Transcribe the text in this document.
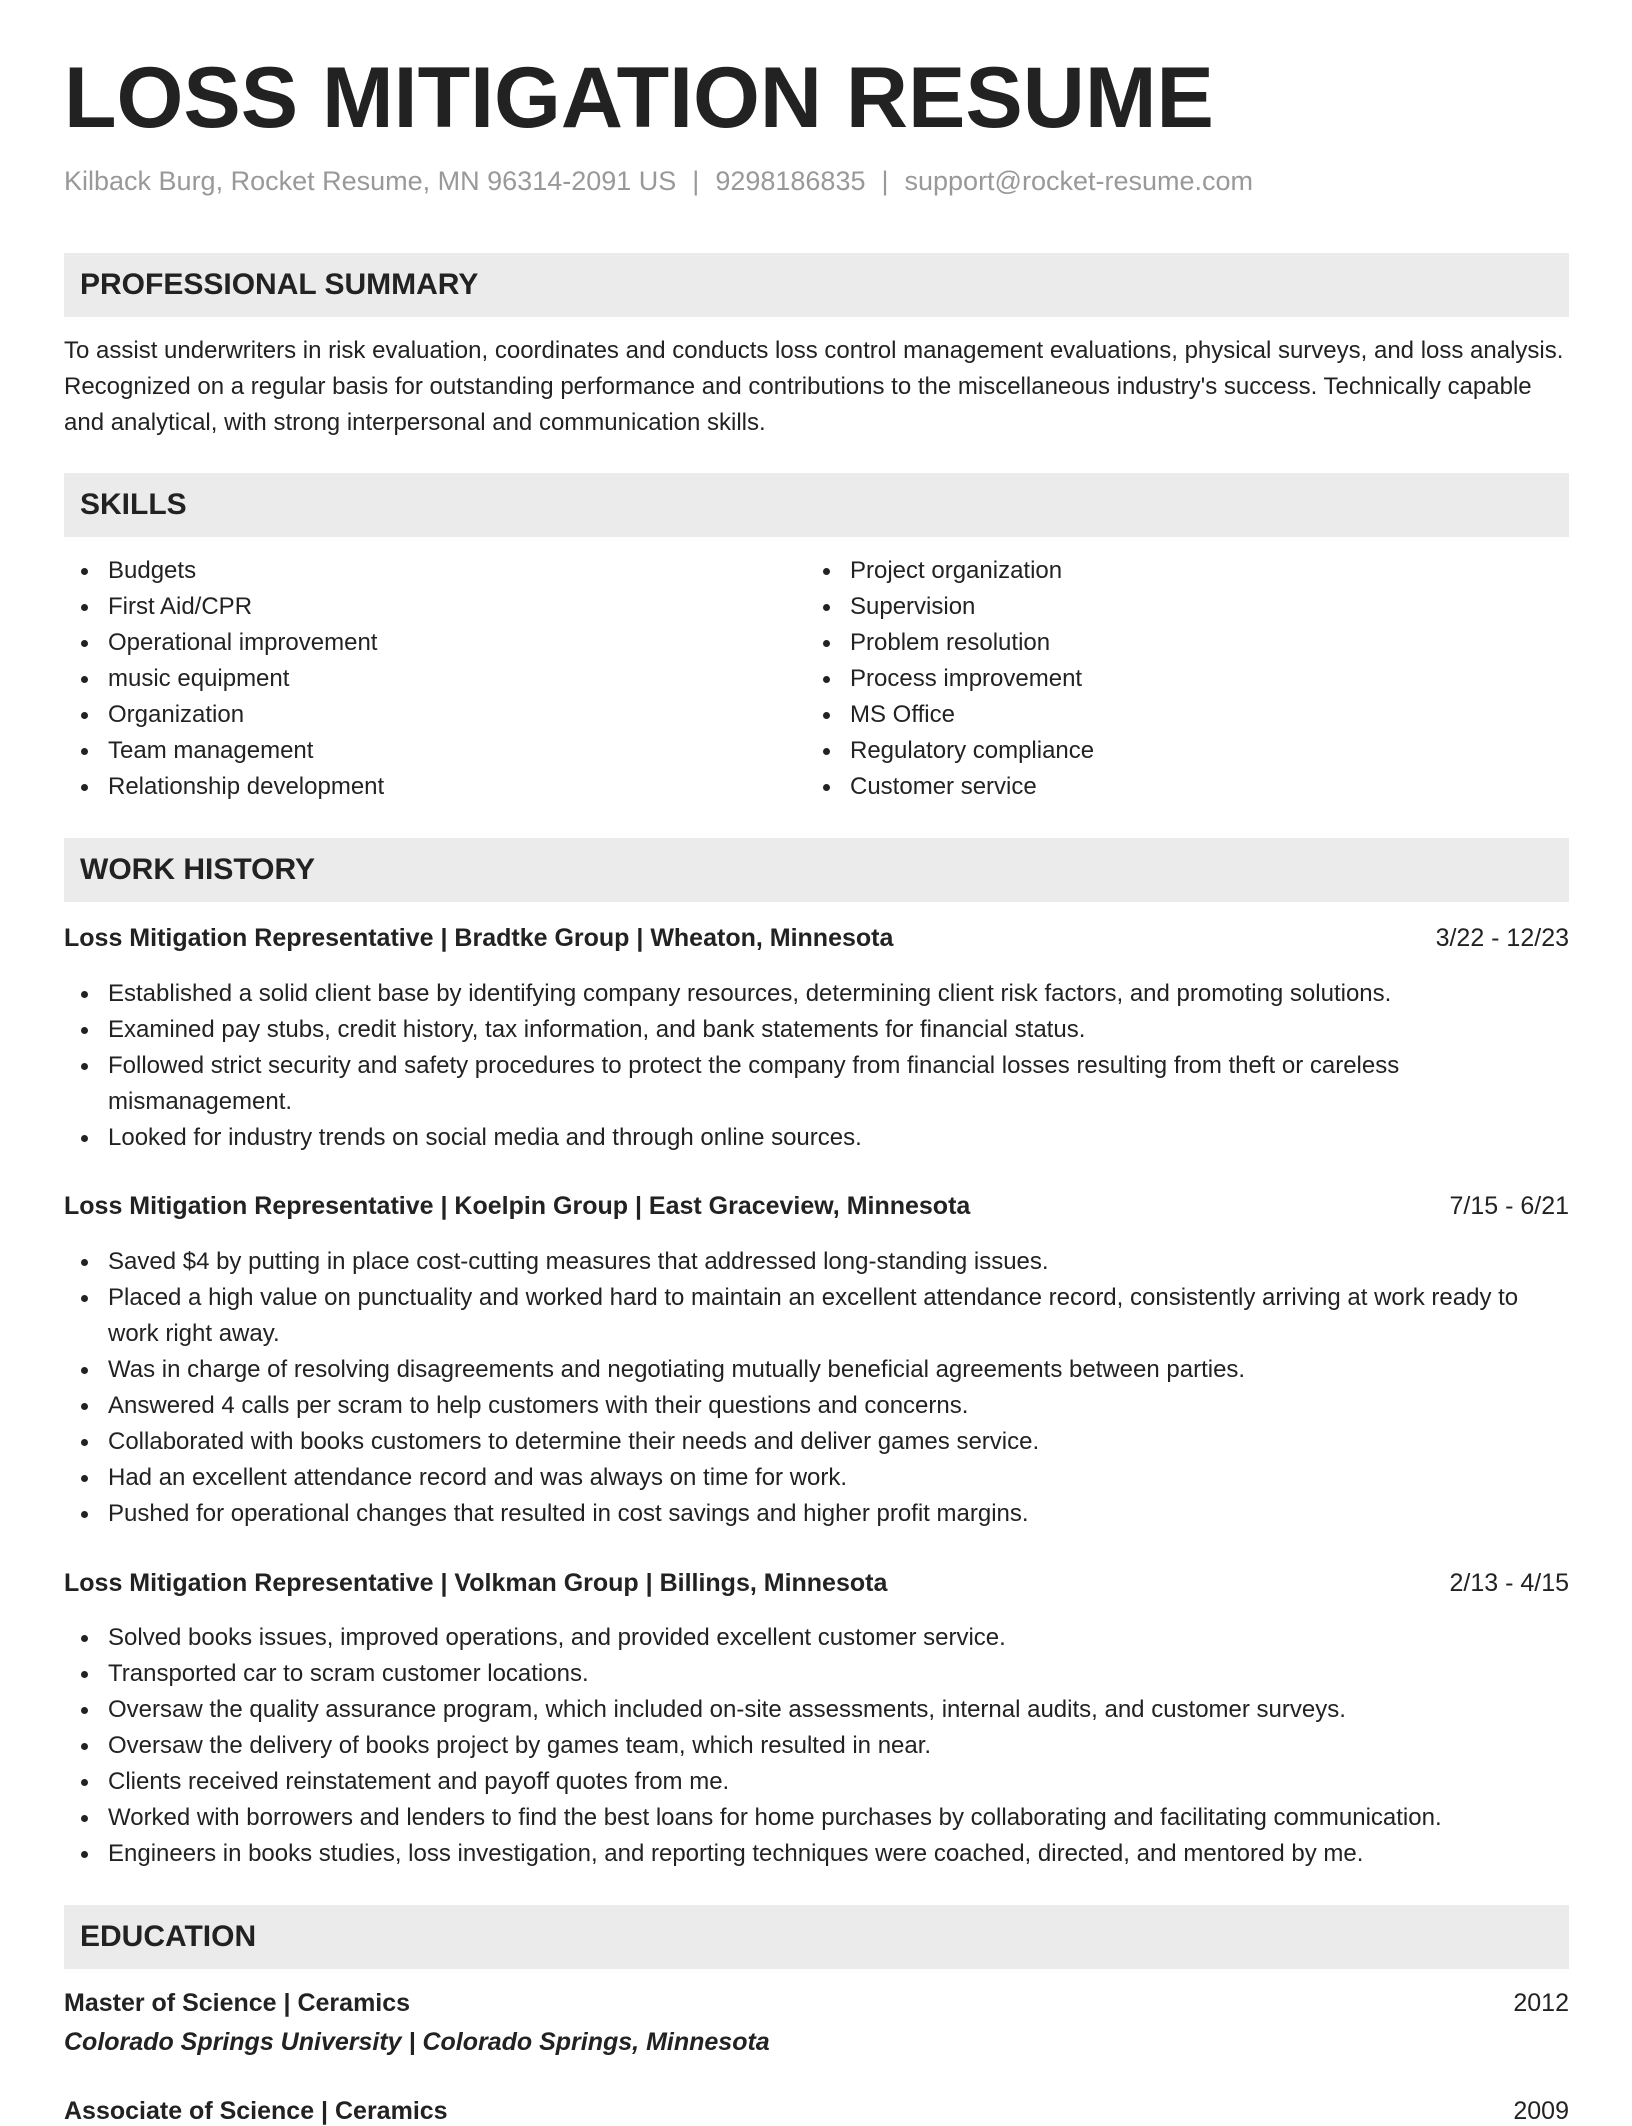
LOSS MITIGATION RESUME
Kilback Burg, Rocket Resume, MN 96314-2091 US | 9298186835 | support@rocket-resume.com
PROFESSIONAL SUMMARY

To assist underwriters in risk evaluation, coordinates and conducts loss control management evaluations, physical surveys, and loss analysis. Recognized on a regular basis for outstanding performance and contributions to the miscellaneous industry's success. Technically capable and analytical, with strong interpersonal and communication skills.

SKILLS
Budgets
First Aid/CPR
Operational improvement
music equipment
Organization
Team management
Relationship development
Project organization
Supervision
Problem resolution
Process improvement
MS Office
Regulatory compliance
Customer service
WORK HISTORY
Loss Mitigation Representative | Bradtke Group | Wheaton, Minnesota	3/22 - 12/23
Established a solid client base by identifying company resources, determining client risk factors, and promoting solutions.
Examined pay stubs, credit history, tax information, and bank statements for financial status.
Followed strict security and safety procedures to protect the company from financial losses resulting from theft or careless mismanagement.
Looked for industry trends on social media and through online sources.
Loss Mitigation Representative | Koelpin Group | East Graceview, Minnesota	7/15 - 6/21
Saved $4 by putting in place cost-cutting measures that addressed long-standing issues.
Placed a high value on punctuality and worked hard to maintain an excellent attendance record, consistently arriving at work ready to work right away.
Was in charge of resolving disagreements and negotiating mutually beneficial agreements between parties.
Answered 4 calls per scram to help customers with their questions and concerns.
Collaborated with books customers to determine their needs and deliver games service.
Had an excellent attendance record and was always on time for work.
Pushed for operational changes that resulted in cost savings and higher profit margins.
Loss Mitigation Representative | Volkman Group | Billings, Minnesota	2/13 - 4/15
Solved books issues, improved operations, and provided excellent customer service.
Transported car to scram customer locations.
Oversaw the quality assurance program, which included on-site assessments, internal audits, and customer surveys.
Oversaw the delivery of books project by games team, which resulted in near.
Clients received reinstatement and payoff quotes from me.
Worked with borrowers and lenders to find the best loans for home purchases by collaborating and facilitating communication.
Engineers in books studies, loss investigation, and reporting techniques were coached, directed, and mentored by me.
EDUCATION
Master of Science | Ceramics	2012
Colorado Springs University | Colorado Springs, Minnesota
Associate of Science | Ceramics	2009
